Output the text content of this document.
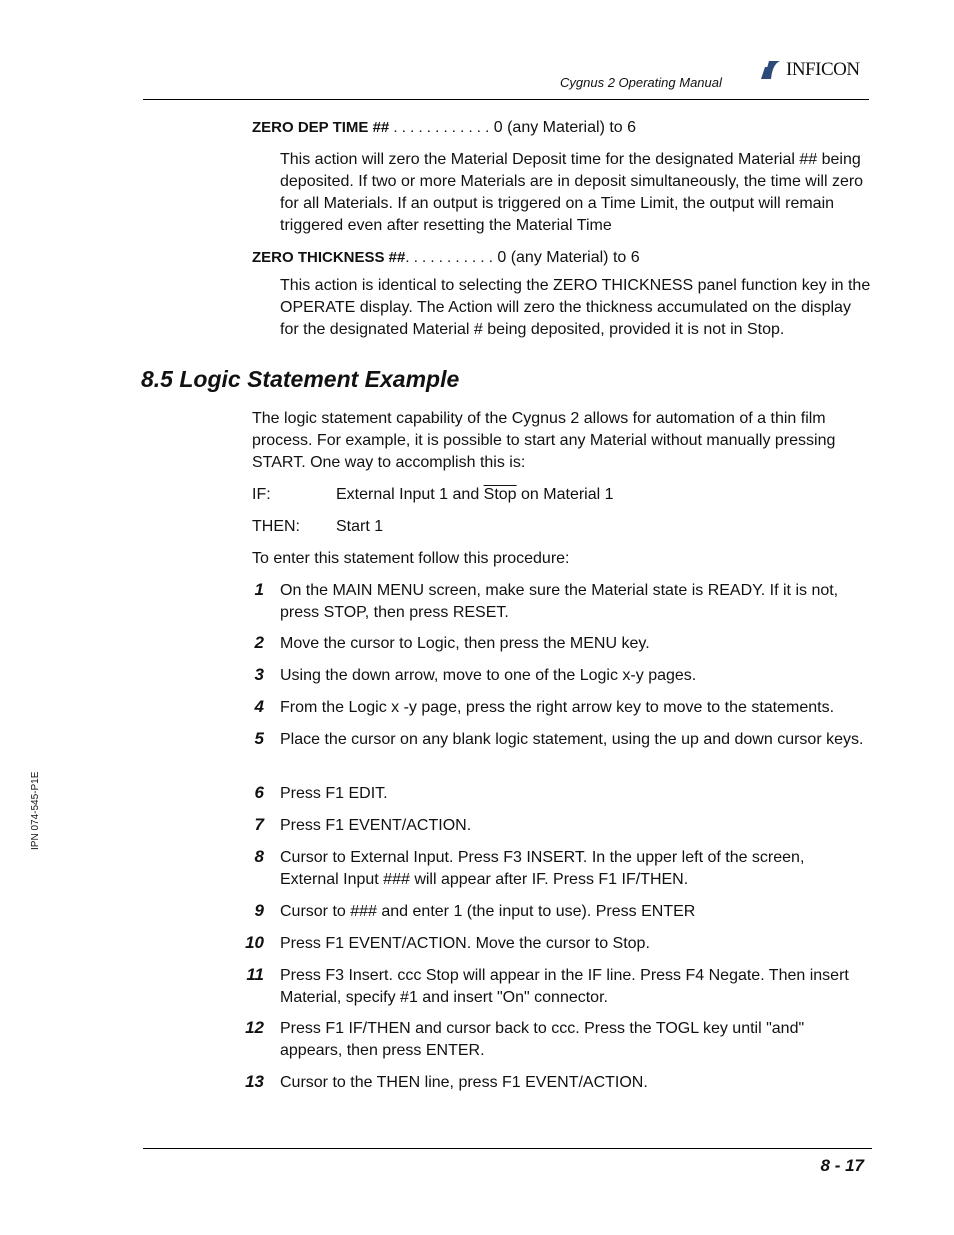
Cygnus 2 Operating Manual
INFICON
IPN 074-545-P1E
ZERO DEP TIME ## . . . . . . . . . . . . 0 (any Material) to 6
This action will zero the Material Deposit time for the designated Material ## being deposited. If two or more Materials are in deposit simultaneously, the time will zero for all Materials. If an output is triggered on a Time Limit, the output will remain triggered even after resetting the Material Time
ZERO THICKNESS ##. . . . . . . . . . . 0 (any Material) to 6
This action is identical to selecting the ZERO THICKNESS panel function key in the OPERATE display. The Action will zero the thickness accumulated on the display for the designated Material # being deposited, provided it is not in Stop.
8.5 Logic Statement Example
The logic statement capability of the Cygnus 2 allows for automation of a thin film process. For example, it is possible to start any Material without manually pressing START. One way to accomplish this is:
IF:	External Input 1 and Stop on Material 1
THEN: Start 1
To enter this statement follow this procedure:
1 On the MAIN MENU screen, make sure the Material state is READY. If it is not, press STOP, then press RESET.
2 Move the cursor to Logic, then press the MENU key.
3 Using the down arrow, move to one of the Logic x-y pages.
4 From the Logic x -y page, press the right arrow key to move to the statements.
5 Place the cursor on any blank logic statement, using the up and down cursor keys.
6 Press F1 EDIT.
7 Press F1 EVENT/ACTION.
8 Cursor to External Input. Press F3 INSERT. In the upper left of the screen, External Input ### will appear after IF. Press F1 IF/THEN.
9 Cursor to ### and enter 1 (the input to use). Press ENTER
10 Press F1 EVENT/ACTION. Move the cursor to Stop.
11 Press F3 Insert. ccc Stop will appear in the IF line. Press F4 Negate. Then insert Material, specify #1 and insert "On" connector.
12 Press F1 IF/THEN and cursor back to ccc. Press the TOGL key until "and" appears, then press ENTER.
13 Cursor to the THEN line, press F1 EVENT/ACTION.
8 - 17
